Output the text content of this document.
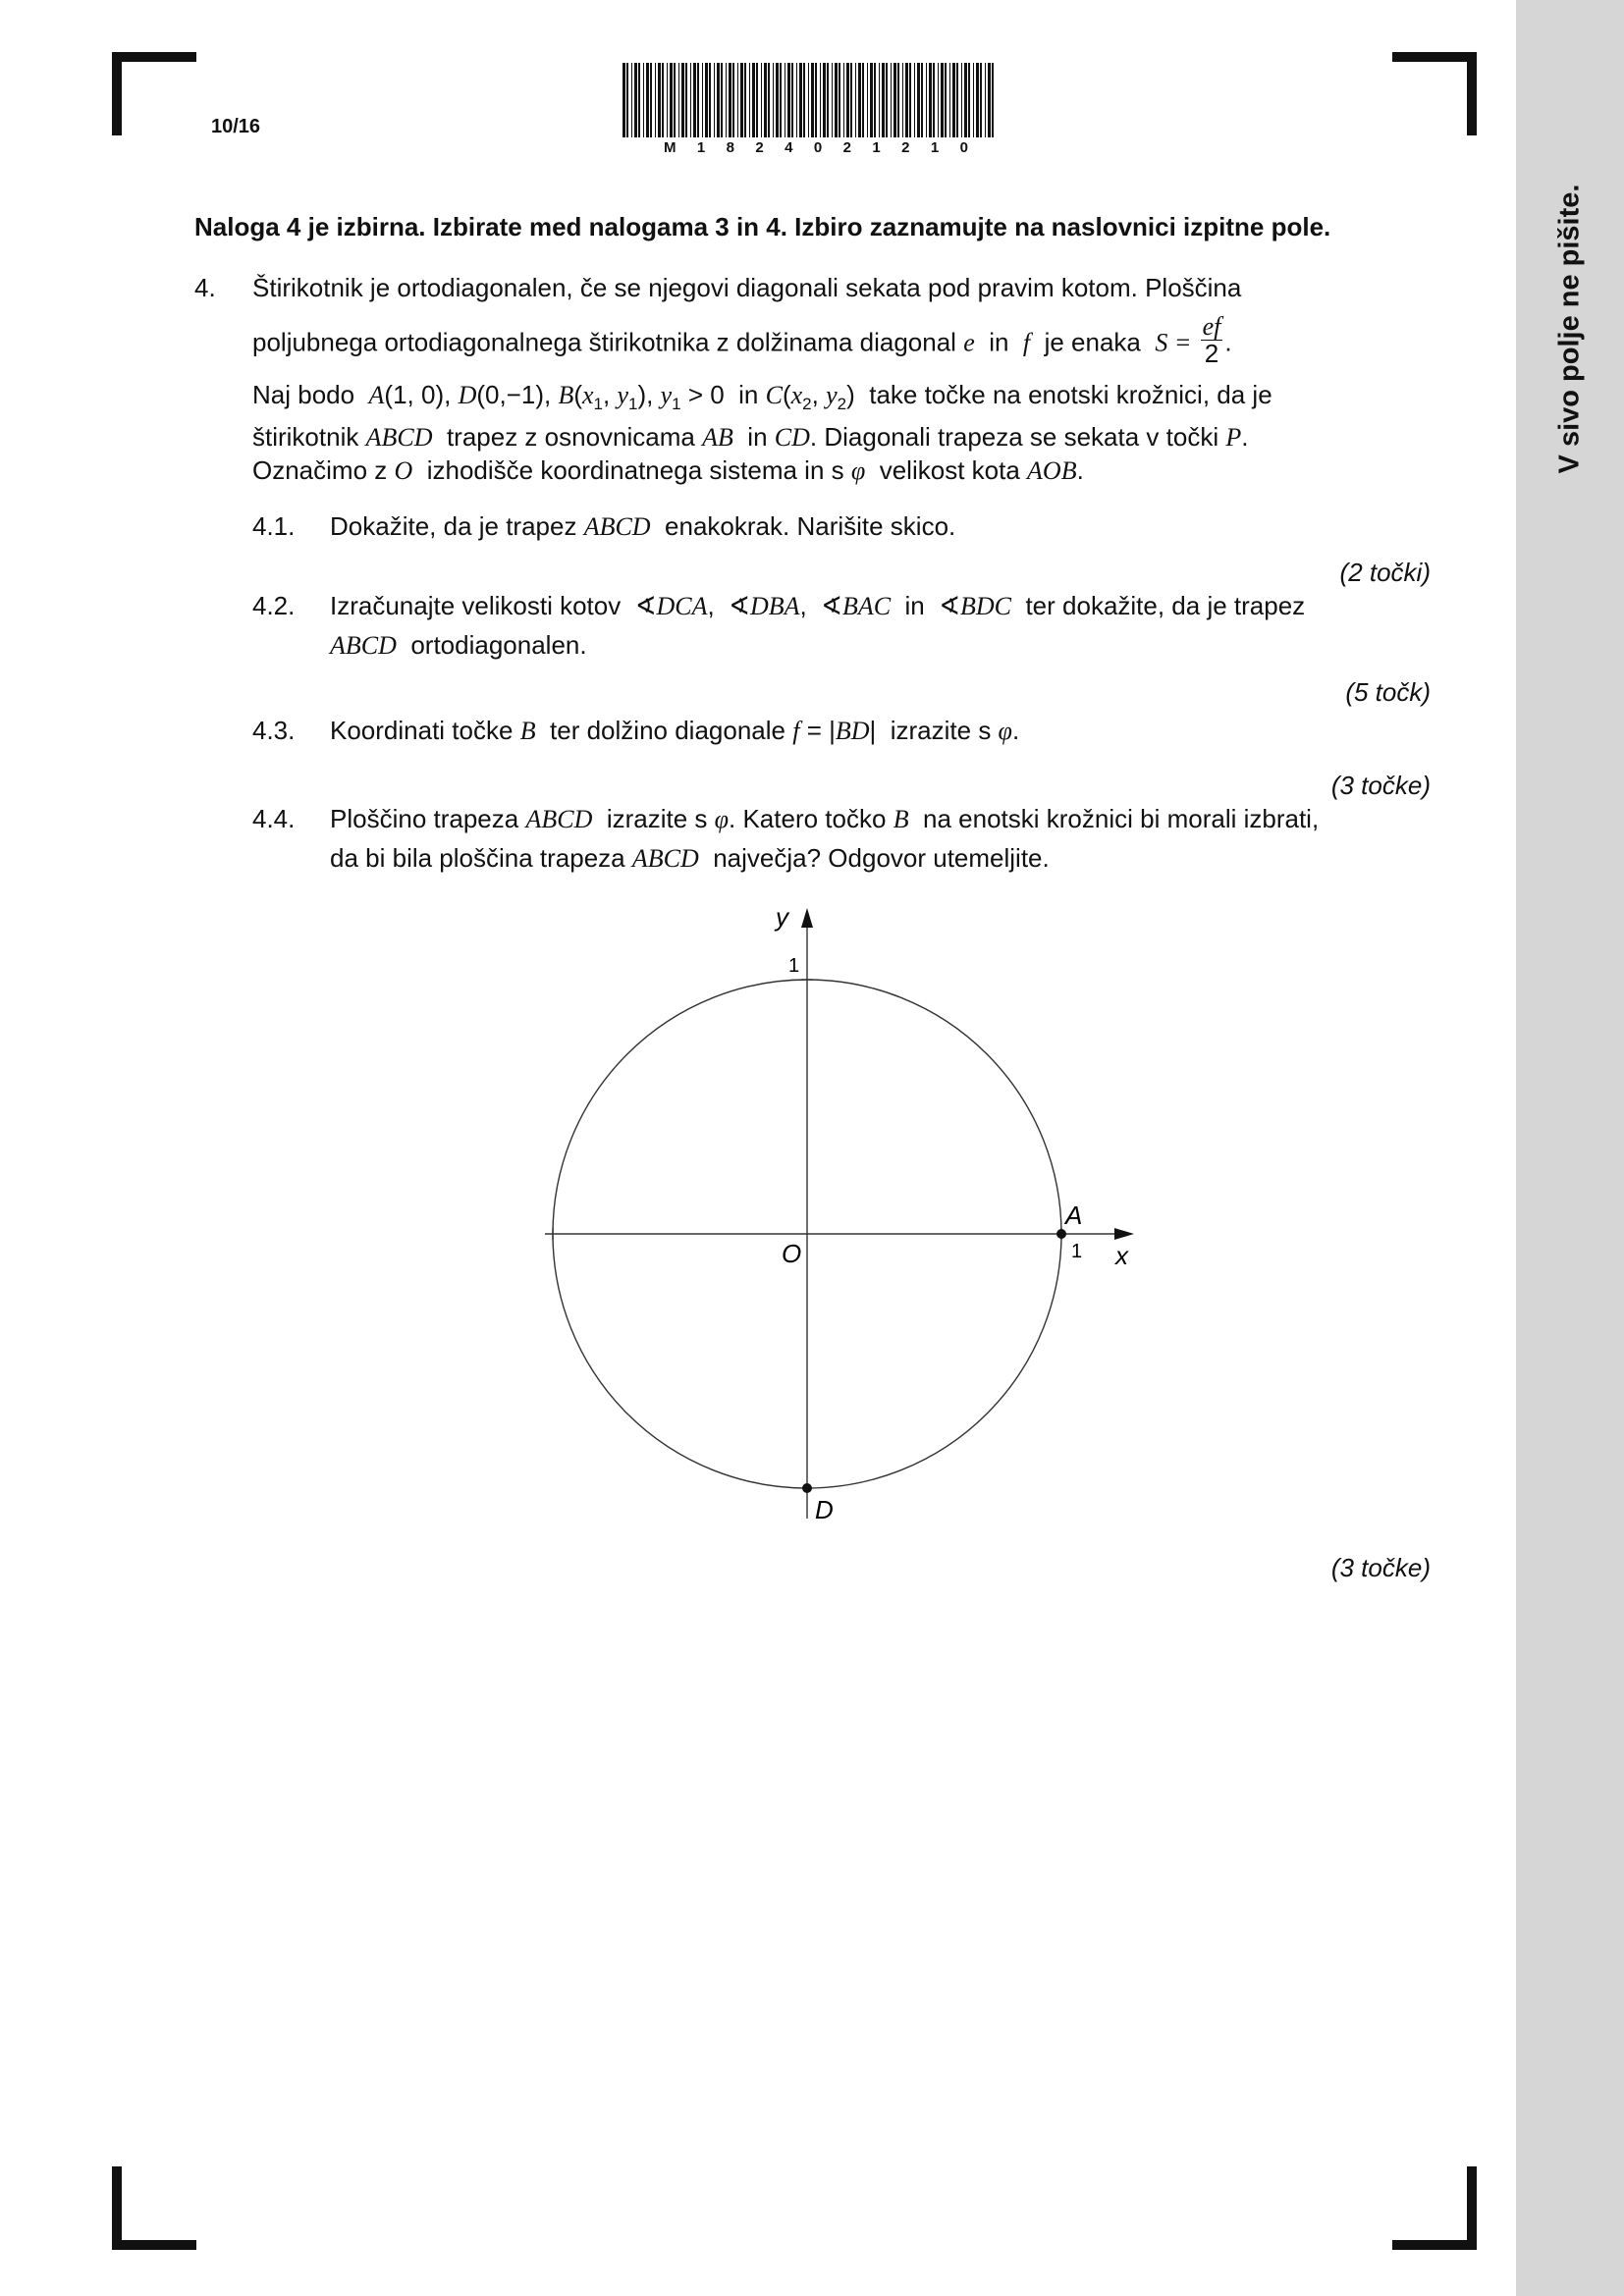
V sivo polje ne pišite.
10/16
M 1 8 2 4 0 2 1 2 1 0
Naloga 4 je izbirna. Izbirate med nalogama 3 in 4. Izbiro zaznamujte na naslovnici izpitne pole.
4. Štirikotnik je ortodiagonalen, če se njegovi diagonali sekata pod pravim kotom. Ploščina
poljubnega ortodiagonalnega štirikotnika z dolžinama diagonal e in f je enaka $S = \frac{ef}{2}$ .
Naj bodo A(1, 0), D(0,−1), $B(x_1$, $y_1$), $y_1 > 0$  in $C(x_2$, $y_2$)  take točke na enotski krožnici, da je
štirikotnik ABCD trapez z osnovnicama AB  in CD. Diagonali trapeza se sekata v točki P.
Označimo z O izhodišče koordinatnega sistema in s φ velikost kota AOB.
4.1. Dokažite, da je trapez ABCD enakokrak. Narišite skico.
(2 točki)
4.2. Izračunajte velikosti kotov  ∢DCA,  ∢DBA,  ∢BAC  in  ∢BDC ter dokažite, da je trapez
ABCD ortodiagonalen.
(5 točk)
4.3. Koordinati točke B ter dolžino diagonale f = |BD|  izrazite s φ.
(3 točke)
4.4. Ploščino trapeza ABCD izrazite s φ. Katero točko B na enotski krožnici bi morali izbrati,
da bi bila ploščina trapeza ABCD največja? Odgovor utemeljite.
y
1
O	1 x
A
D
(3 točke)
